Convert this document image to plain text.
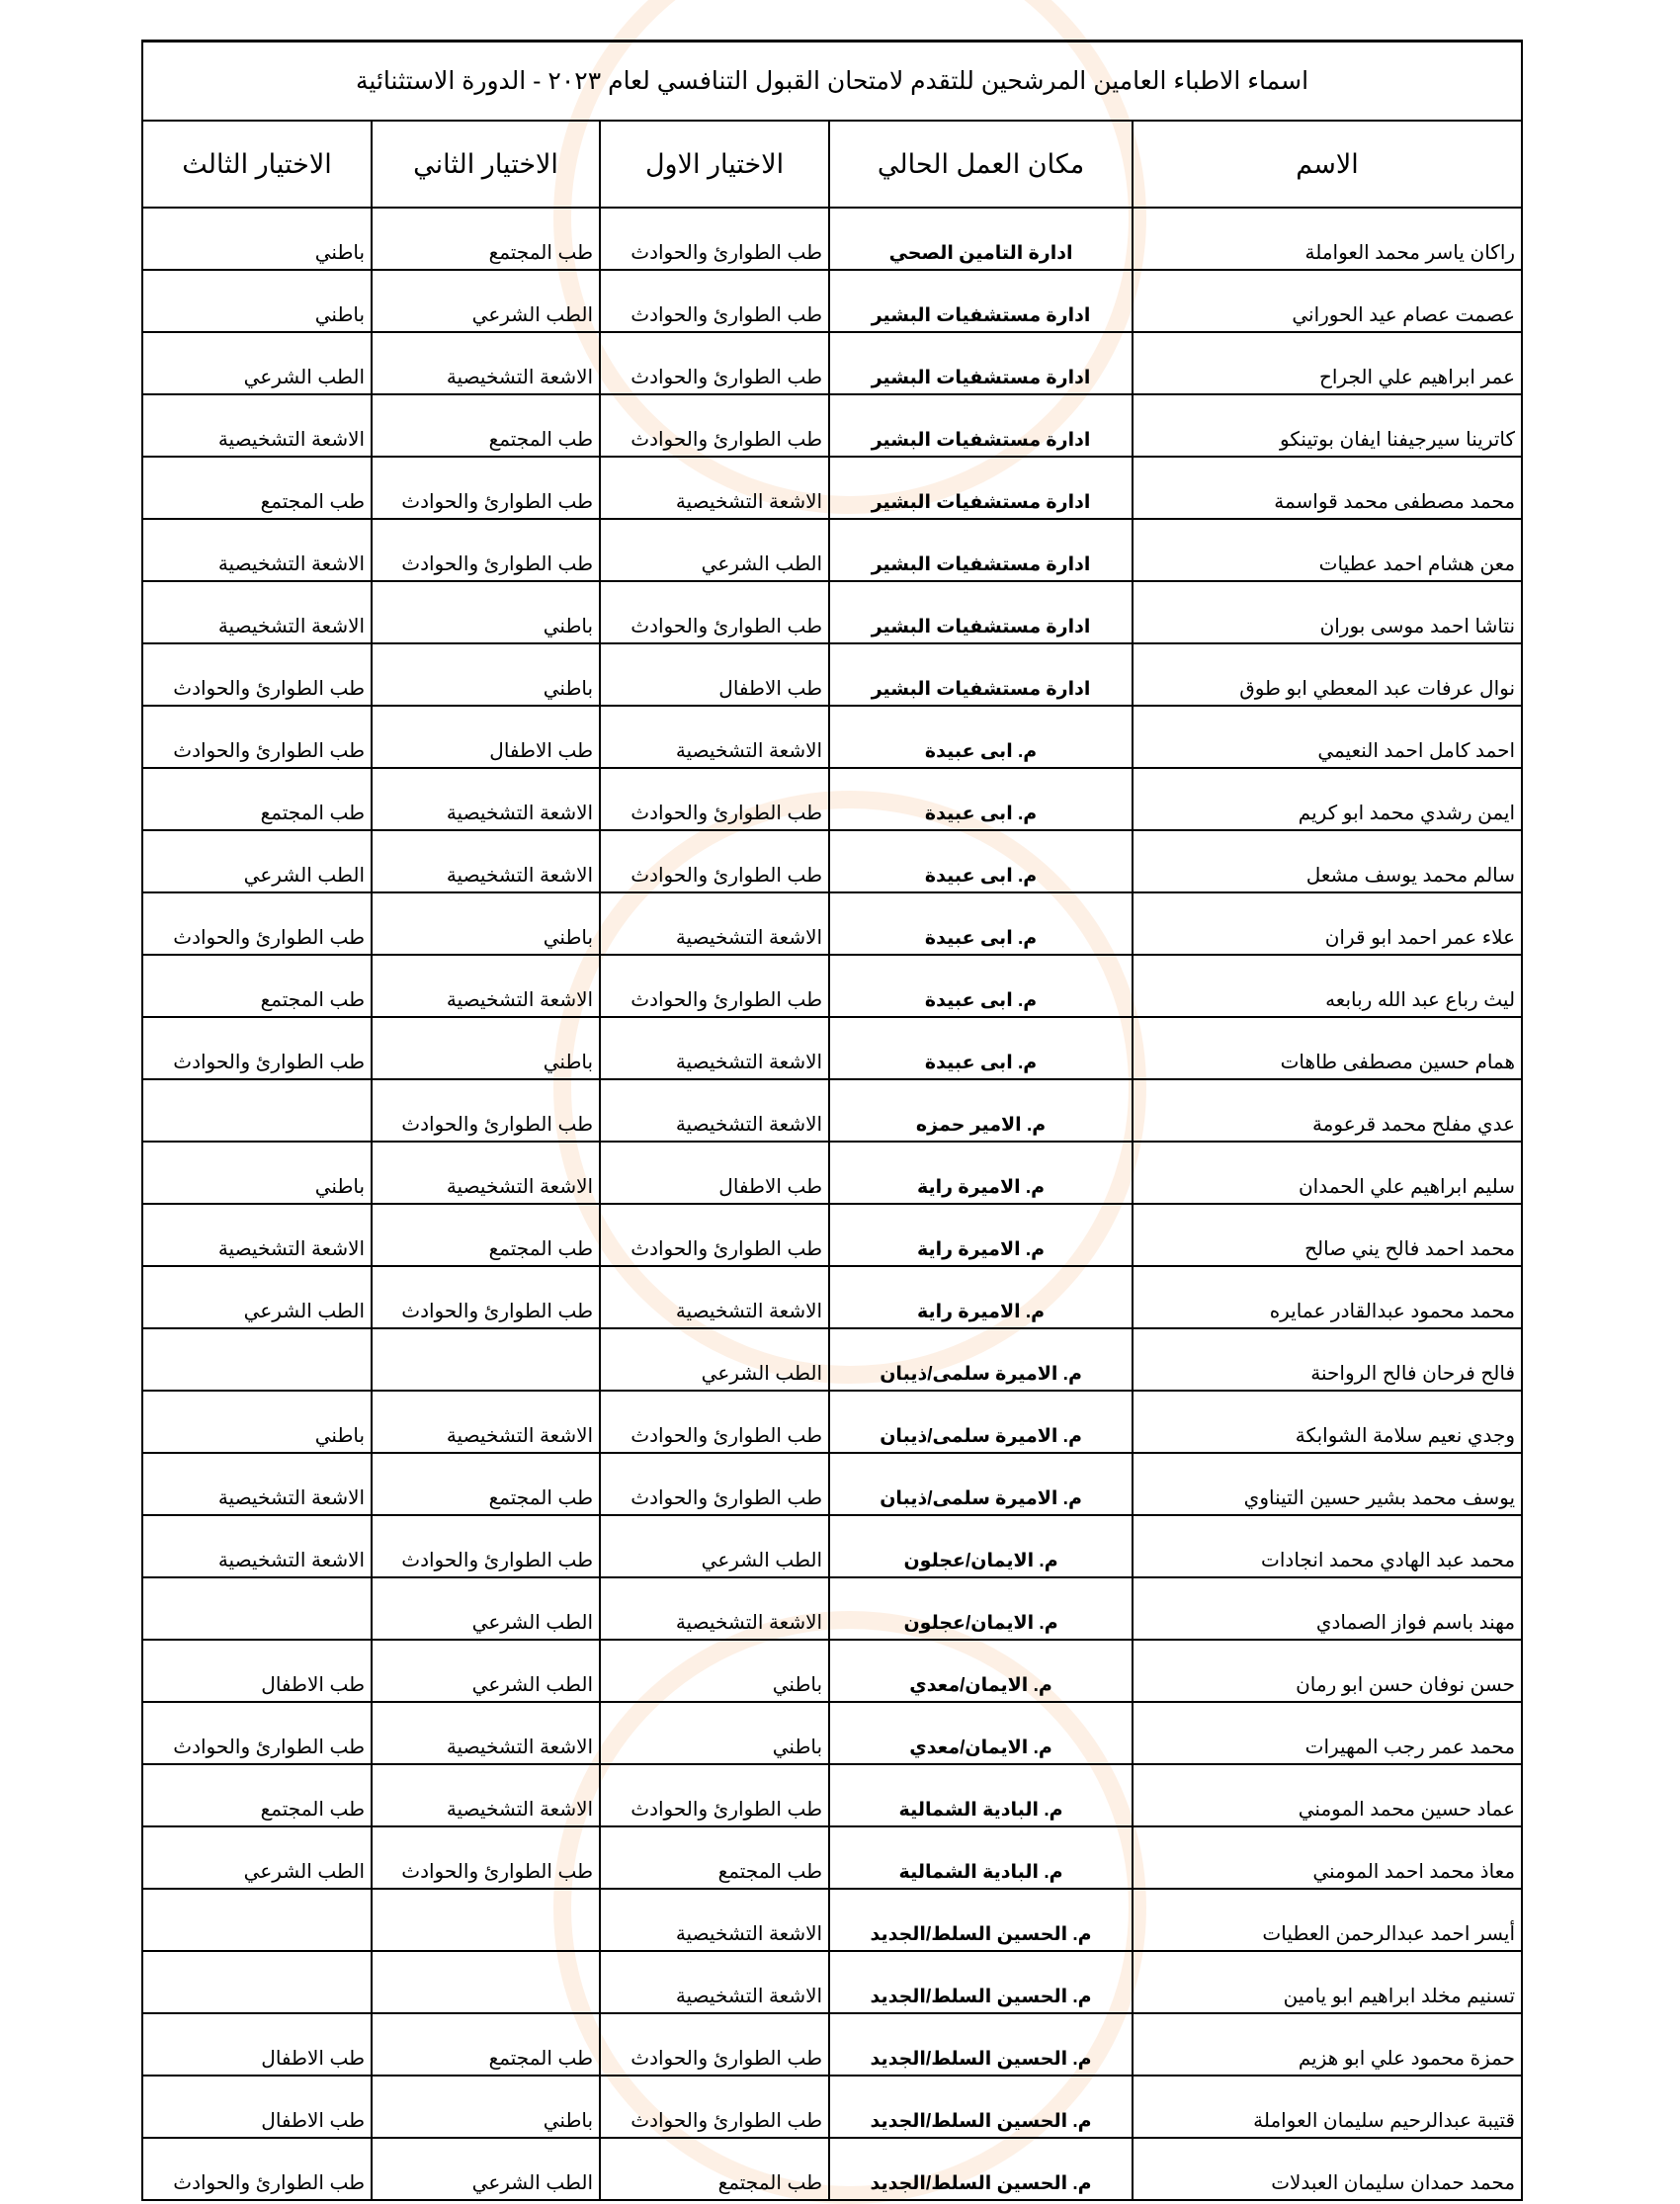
اسماء الاطباء العامين المرشحين للتقدم لامتحان القبول التنافسي لعام ٢٠٢٣ - الدورة الاستثنائية				
الاسم	مكان العمل الحالي	الاختيار الاول	الاختيار الثاني	الاختيار الثالث
راكان ياسر محمد العواملة	ادارة التامين الصحي	طب الطوارئ والحوادث	طب المجتمع	باطني
عصمت عصام عيد الحوراني	ادارة مستشفيات البشير	طب الطوارئ والحوادث	الطب الشرعي	باطني
عمر ابراهيم علي الجراح	ادارة مستشفيات البشير	طب الطوارئ والحوادث	الاشعة التشخيصية	الطب الشرعي
كاترينا سيرجيفنا ايفان بوتينكو	ادارة مستشفيات البشير	طب الطوارئ والحوادث	طب المجتمع	الاشعة التشخيصية
محمد مصطفى محمد قواسمة	ادارة مستشفيات البشير	الاشعة التشخيصية	طب الطوارئ والحوادث	طب المجتمع
معن هشام احمد عطيات	ادارة مستشفيات البشير	الطب الشرعي	طب الطوارئ والحوادث	الاشعة التشخيصية
نتاشا احمد موسى بوران	ادارة مستشفيات البشير	طب الطوارئ والحوادث	باطني	الاشعة التشخيصية
نوال عرفات عبد المعطي ابو طوق	ادارة مستشفيات البشير	طب الاطفال	باطني	طب الطوارئ والحوادث
احمد كامل احمد النعيمي	م. ابى عبيدة	الاشعة التشخيصية	طب الاطفال	طب الطوارئ والحوادث
ايمن رشدي محمد ابو كريم	م. ابى عبيدة	طب الطوارئ والحوادث	الاشعة التشخيصية	طب المجتمع
سالم محمد يوسف مشعل	م. ابى عبيدة	طب الطوارئ والحوادث	الاشعة التشخيصية	الطب الشرعي
علاء عمر احمد ابو قران	م. ابى عبيدة	الاشعة التشخيصية	باطني	طب الطوارئ والحوادث
ليث رباع عبد الله ربابعه	م. ابى عبيدة	طب الطوارئ والحوادث	الاشعة التشخيصية	طب المجتمع
همام حسين مصطفى طاهات	م. ابى عبيدة	الاشعة التشخيصية	باطني	طب الطوارئ والحوادث
عدي مفلح محمد قرعومة	م. الامير حمزه	الاشعة التشخيصية	طب الطوارئ والحوادث	
سليم ابراهيم علي الحمدان	م. الاميرة راية	طب الاطفال	الاشعة التشخيصية	باطني
محمد احمد فالح يني صالح	م. الاميرة راية	طب الطوارئ والحوادث	طب المجتمع	الاشعة التشخيصية
محمد محمود عبدالقادر عمايره	م. الاميرة راية	الاشعة التشخيصية	طب الطوارئ والحوادث	الطب الشرعي
فالح فرحان فالح الرواحنة	م. الاميرة سلمى/ذيبان	الطب الشرعي		
وجدي نعيم سلامة الشوابكة	م. الاميرة سلمى/ذيبان	طب الطوارئ والحوادث	الاشعة التشخيصية	باطني
يوسف محمد بشير حسين التيناوي	م. الاميرة سلمى/ذيبان	طب الطوارئ والحوادث	طب المجتمع	الاشعة التشخيصية
محمد عبد الهادي محمد انجادات	م. الايمان/عجلون	الطب الشرعي	طب الطوارئ والحوادث	الاشعة التشخيصية
مهند باسم فواز الصمادي	م. الايمان/عجلون	الاشعة التشخيصية	الطب الشرعي	
حسن نوفان حسن ابو رمان	م. الايمان/معدي	باطني	الطب الشرعي	طب الاطفال
محمد عمر رجب المهيرات	م. الايمان/معدي	باطني	الاشعة التشخيصية	طب الطوارئ والحوادث
عماد حسين محمد المومني	م. البادية الشمالية	طب الطوارئ والحوادث	الاشعة التشخيصية	طب المجتمع
معاذ محمد احمد المومني	م. البادية الشمالية	طب المجتمع	طب الطوارئ والحوادث	الطب الشرعي
أيسر احمد عبدالرحمن العطيات	م. الحسين السلط/الجديد	الاشعة التشخيصية		
تسنيم مخلد ابراهيم ابو يامين	م. الحسين السلط/الجديد	الاشعة التشخيصية		
حمزة محمود علي ابو هزيم	م. الحسين السلط/الجديد	طب الطوارئ والحوادث	طب المجتمع	طب الاطفال
قتيبة عبدالرحيم سليمان العواملة	م. الحسين السلط/الجديد	طب الطوارئ والحوادث	باطني	طب الاطفال
محمد حمدان سليمان العبدلات	م. الحسين السلط/الجديد	طب المجتمع	الطب الشرعي	طب الطوارئ والحوادث
